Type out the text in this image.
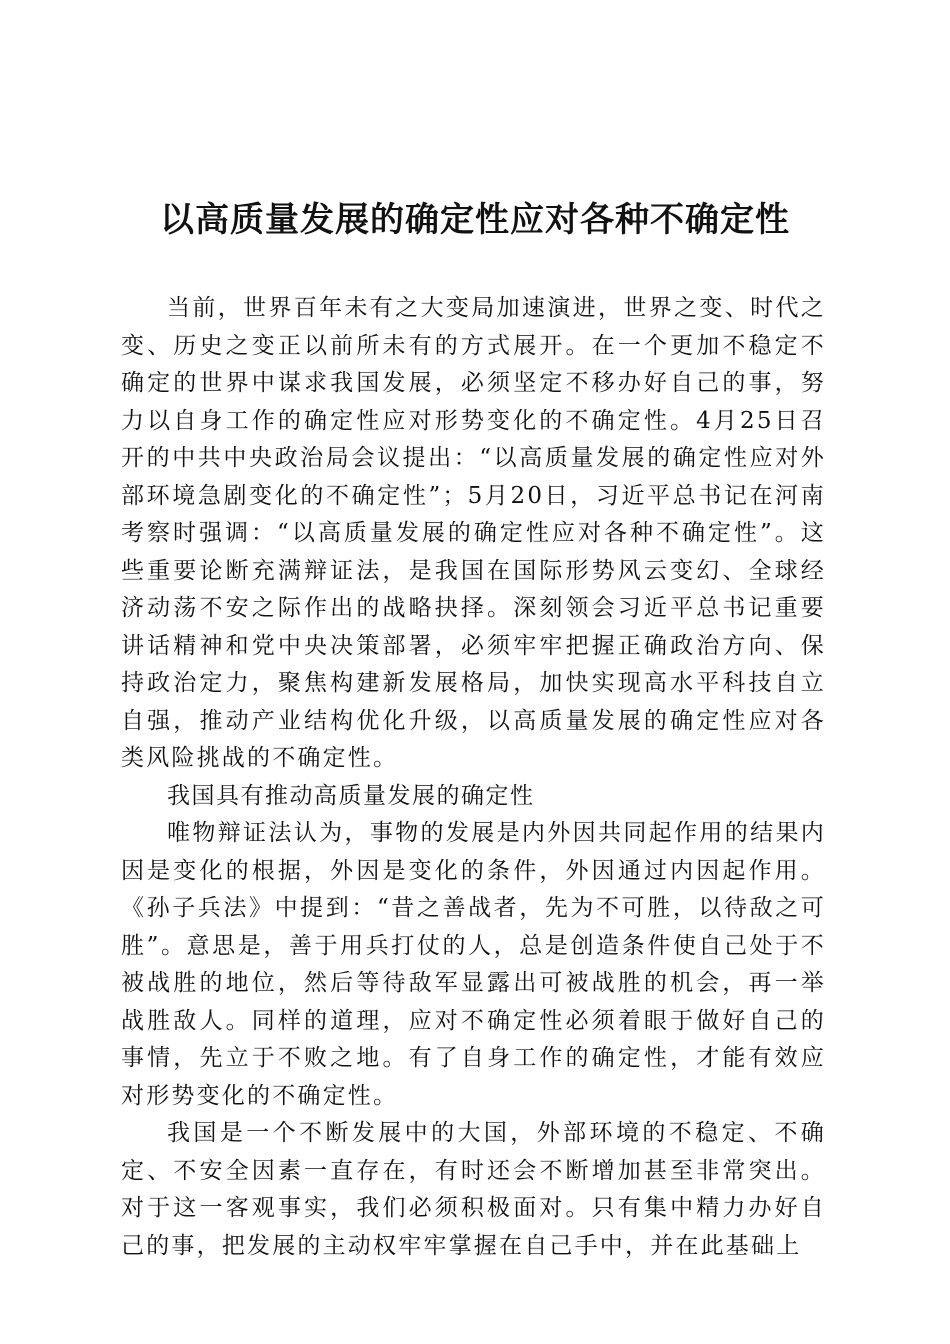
以高质量发展的确定性应对各种不确定性

当前，世界百年未有之大变局加速演进，世界之变、时代之变、历史之变正以前所未有的方式展开。在一个更加不稳定不确定的世界中谋求我国发展，必须坚定不移办好自己的事，努力以自身工作的确定性应对形势变化的不确定性。4月25日召开的中共中央政治局会议提出：“以高质量发展的确定性应对外部环境急剧变化的不确定性”；5月20日，习近平总书记在河南考察时强调：“以高质量发展的确定性应对各种不确定性”。这些重要论断充满辩证法，是我国在国际形势风云变幻、全球经济动荡不安之际作出的战略抉择。深刻领会习近平总书记重要讲话精神和党中央决策部署，必须牢牢把握正确政治方向、保持政治定力，聚焦构建新发展格局，加快实现高水平科技自立自强，推动产业结构优化升级，以高质量发展的确定性应对各类风险挑战的不确定性。

我国具有推动高质量发展的确定性

唯物辩证法认为，事物的发展是内外因共同起作用的结果内因是变化的根据，外因是变化的条件，外因通过内因起作用。《孙子兵法》中提到：“昔之善战者，先为不可胜，以待敌之可胜”。意思是，善于用兵打仗的人，总是创造条件使自己处于不被战胜的地位，然后等待敌军显露出可被战胜的机会，再一举战胜敌人。同样的道理，应对不确定性必须着眼于做好自己的事情，先立于不败之地。有了自身工作的确定性，才能有效应对形势变化的不确定性。

我国是一个不断发展中的大国，外部环境的不稳定、不确定、不安全因素一直存在，有时还会不断增加甚至非常突出。对于这一客观事实，我们必须积极面对。只有集中精力办好自己的事，把发展的主动权牢牢掌握在自己手中，并在此基础上
